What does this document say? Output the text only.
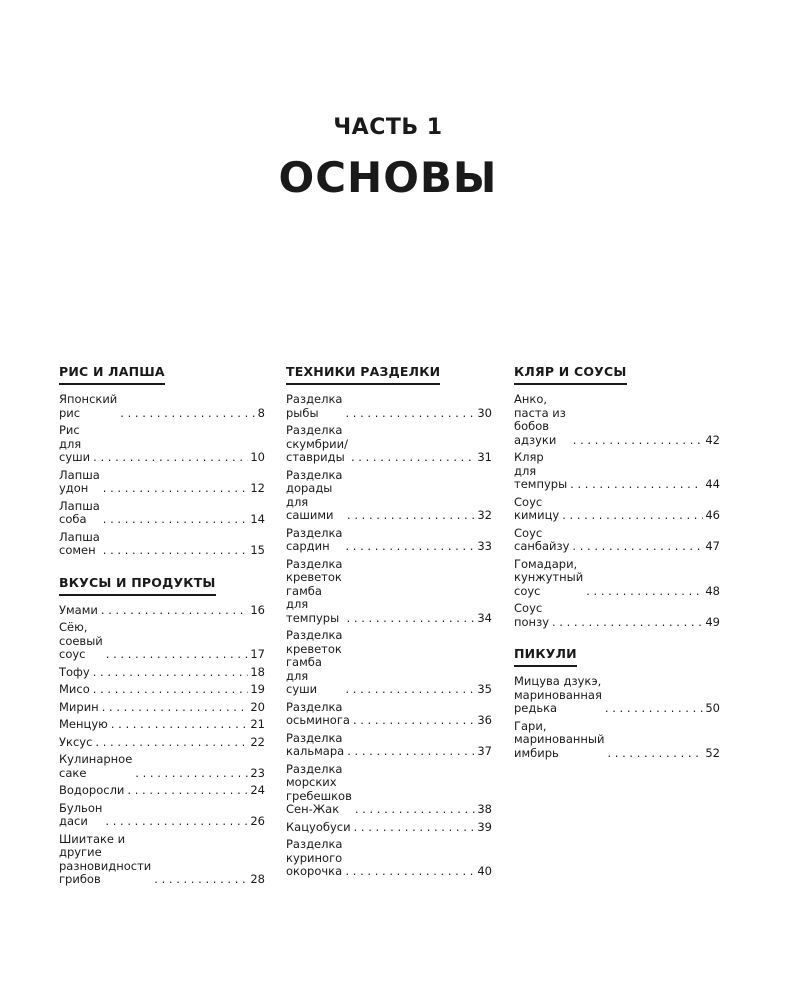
ЧАСТЬ 1
ОСНОВЫ
РИС И ЛАПША
Японский рис . . .	8
Рис для суши . . .	10
Лапша удон . . .	12
Лапша соба . . .	14
Лапша сомен . . .	15
ВКУСЫ И ПРОДУКТЫ
Умами . . .	16
Сёю, соевый соус . . .	17
Тофу . . .	18
Мисо . . .	19
Мирин . . .	20
Менцую . . .	21
Уксус . . .	22
Кулинарное саке . . .	23
Водоросли . . .	24
Бульон даси . . .	26
Шиитаке и другие
разновидности грибов . . .	28
ТЕХНИКИ РАЗДЕЛКИ
Разделка рыбы . . .	30
Разделка скумбрии/ставриды . . .	31
Разделка дорады для сашими . . .	32
Разделка сардин . . .	33
Разделка креветок гамба для
темпуры . . .	34
Разделка креветок гамба
для суши . . .	35
Разделка осьминога . . .	36
Разделка кальмара . . .	37
Разделка морских гребешков
Сен-Жак . . .	38
Кацуобуси . . .	39
Разделка куриного окорочка . . .	40
КЛЯР И СОУСЫ
Анко, паста из бобов адзуки . . .	42
Кляр для темпуры . . .	44
Соус кимицу . . .	46
Соус санбайзу . . .	47
Гомадари, кунжутный соус . . .	48
Соус понзу . . .	49
ПИКУЛИ
Мицува дзукэ, маринованная
редька . . .	50
Гари, маринованный имбирь . . .	52
